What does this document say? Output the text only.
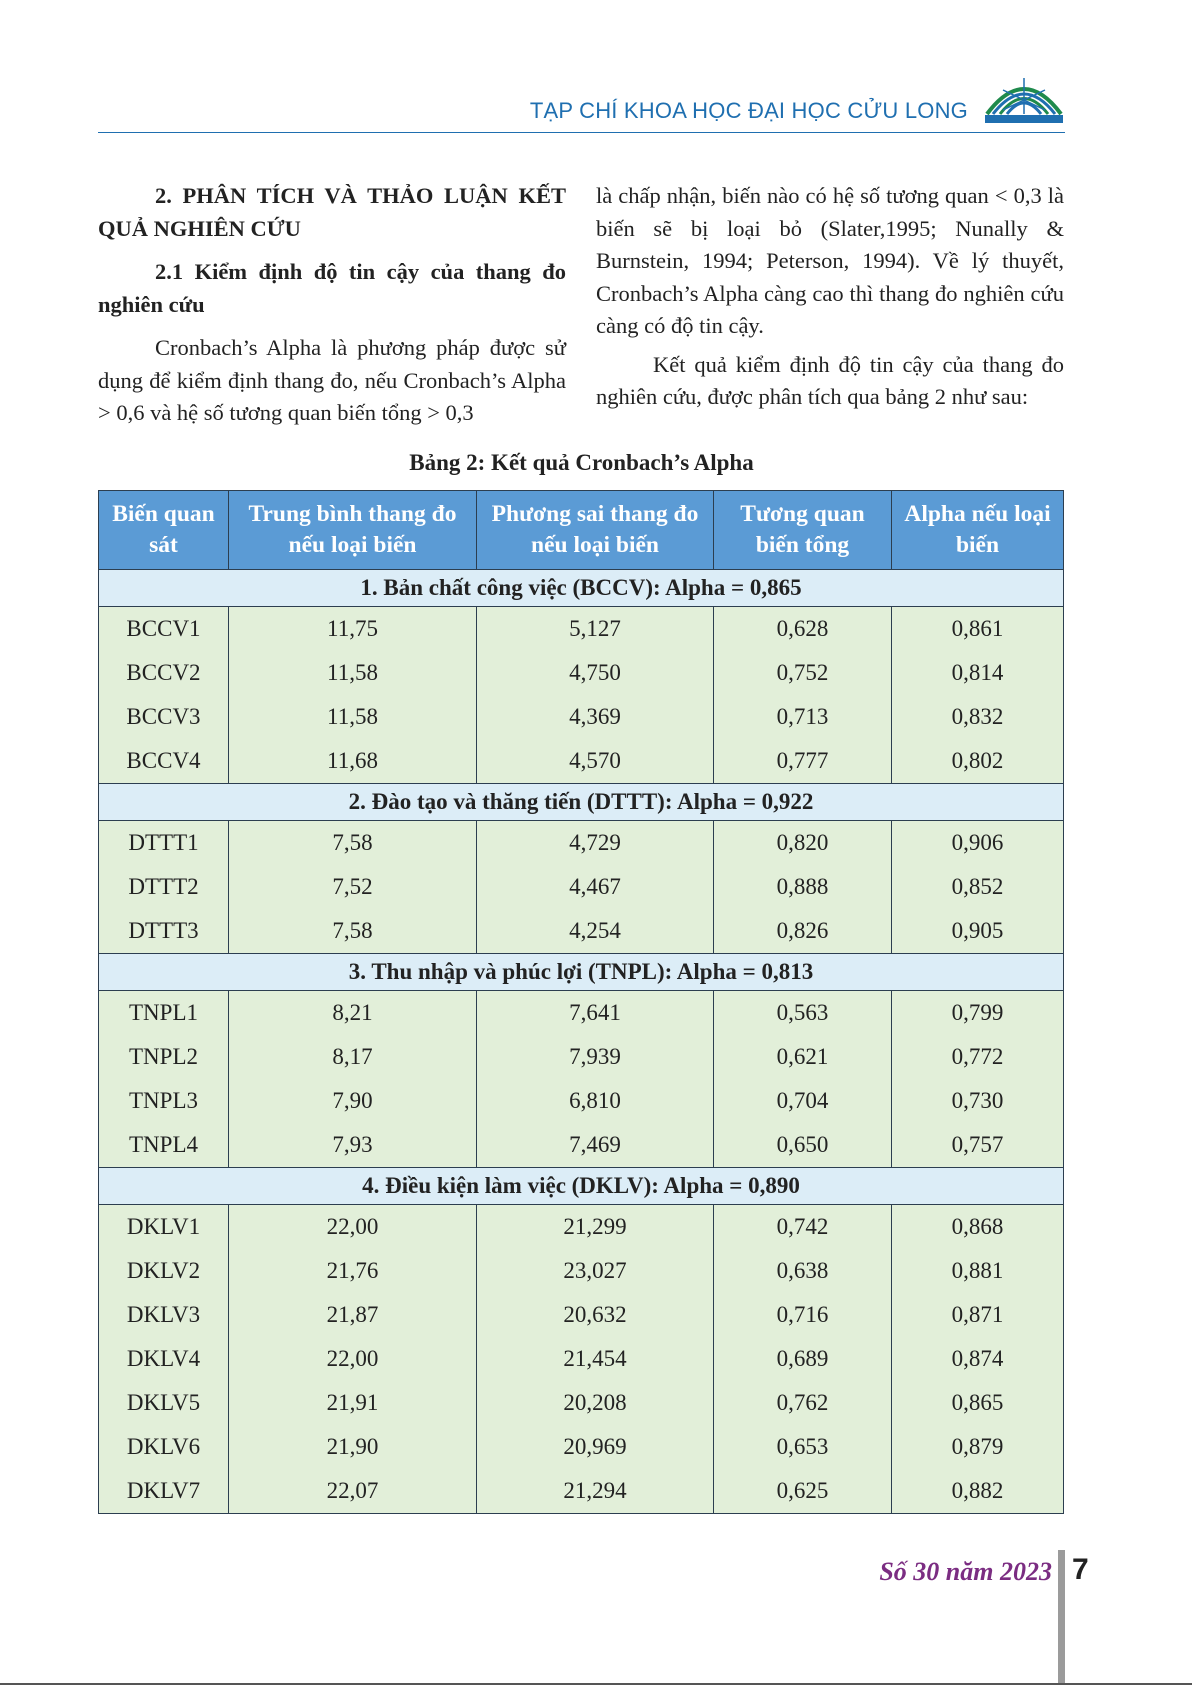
TẠP CHÍ KHOA HỌC ĐẠI HỌC CỬU LONG

2. PHÂN TÍCH VÀ THẢO LUẬN KẾT QUẢ NGHIÊN CỨU

2.1 Kiểm định độ tin cậy của thang đo nghiên cứu

Cronbach’s Alpha là phương pháp được sử dụng để kiểm định thang đo, nếu Cronbach’s Alpha > 0,6 và hệ số tương quan biến tổng > 0,3

là chấp nhận, biến nào có hệ số tương quan < 0,3 là biến sẽ bị loại bỏ (Slater,1995; Nunally & Burnstein, 1994; Peterson, 1994). Về lý thuyết, Cronbach’s Alpha càng cao thì thang đo nghiên cứu càng có độ tin cậy.

Kết quả kiểm định độ tin cậy của thang đo nghiên cứu, được phân tích qua bảng 2 như sau:

Bảng 2: Kết quả Cronbach’s Alpha
Biến quan sát	Trung bình thang đo nếu loại biến	Phương sai thang đo nếu loại biến	Tương quan biến tổng	Alpha nếu loại biến
1. Bản chất công việc (BCCV): Alpha = 0,865				
BCCV1	11,75	5,127	0,628	0,861
BCCV2	11,58	4,750	0,752	0,814
BCCV3	11,58	4,369	0,713	0,832
BCCV4	11,68	4,570	0,777	0,802
2. Đào tạo và thăng tiến (DTTT): Alpha = 0,922				
DTTT1	7,58	4,729	0,820	0,906
DTTT2	7,52	4,467	0,888	0,852
DTTT3	7,58	4,254	0,826	0,905
3. Thu nhập và phúc lợi (TNPL): Alpha = 0,813				
TNPL1	8,21	7,641	0,563	0,799
TNPL2	8,17	7,939	0,621	0,772
TNPL3	7,90	6,810	0,704	0,730
TNPL4	7,93	7,469	0,650	0,757
4. Điều kiện làm việc (DKLV): Alpha = 0,890				
DKLV1	22,00	21,299	0,742	0,868
DKLV2	21,76	23,027	0,638	0,881
DKLV3	21,87	20,632	0,716	0,871
DKLV4	22,00	21,454	0,689	0,874
DKLV5	21,91	20,208	0,762	0,865
DKLV6	21,90	20,969	0,653	0,879
DKLV7	22,07	21,294	0,625	0,882
Số 30 năm 2023 7
